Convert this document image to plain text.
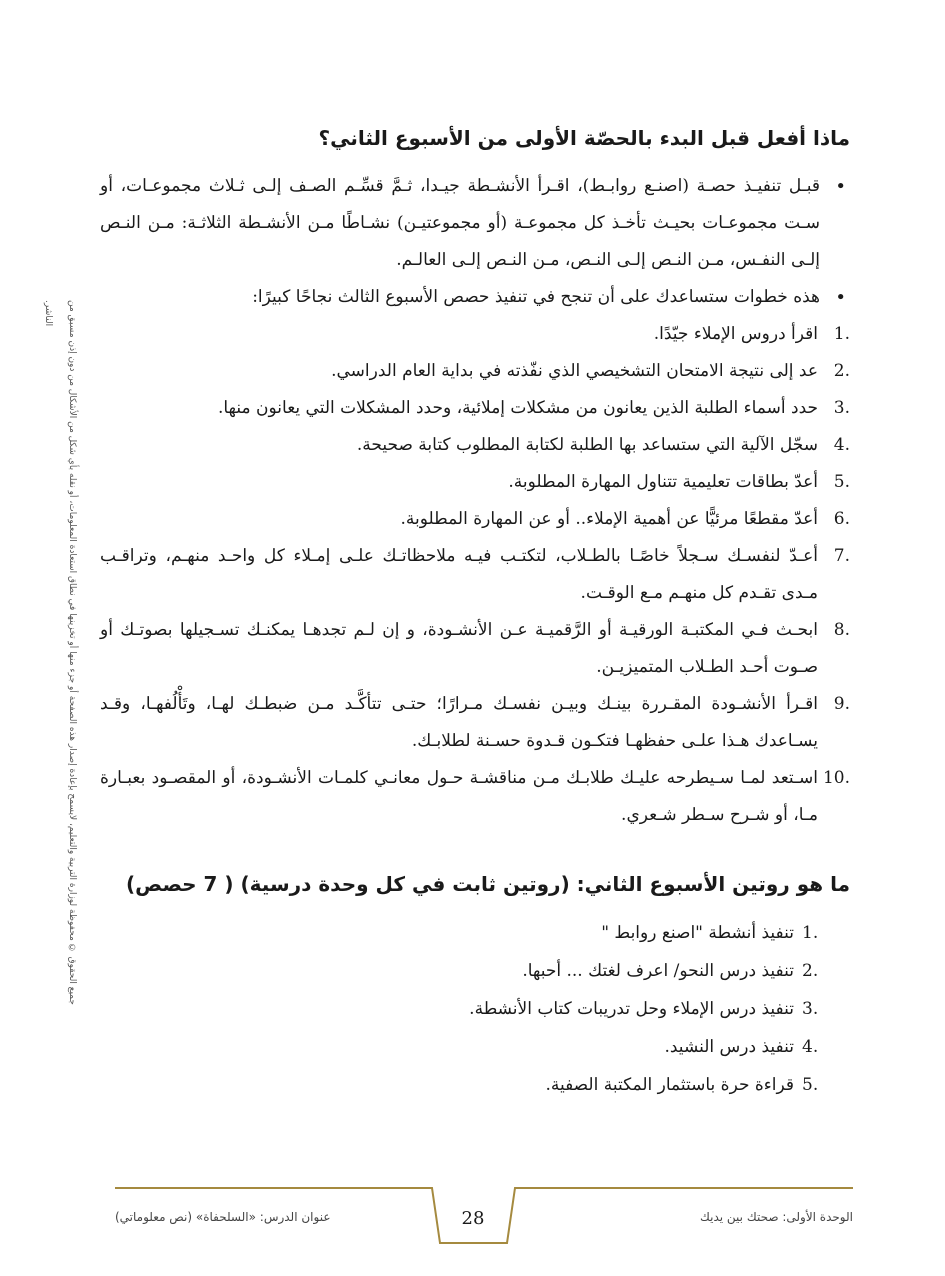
ماذا أفعل قبل البدء بالحصّة الأولى من الأسبوع الثاني؟
• قبـل تنفيـذ حصـة (اصنـع روابـط)، اقـرأ الأنشـطة جيـدا، ثـمَّ قسِّـم الصـف إلـى ثـلاث مجموعـات، أو سـت مجموعـات بحيـث تأخـذ كل مجموعـة (أو مجموعتيـن) نشـاطًا مـن الأنشـطة الثلاثـة: مـن النـص إلـى النفـس، مـن النـص إلـى النـص، مـن النـص إلـى العالـم.
• هذه خطوات ستساعدك على أن تنجح في تنفيذ حصص الأسبوع الثالث نجاحًا كبيرًا:
1.
اقرأ دروس الإملاء جيّدًا.
2.
عد إلى نتيجة الامتحان التشخيصي الذي نفّذته في بداية العام الدراسي.
3.
حدد أسماء الطلبة الذين يعانون من مشكلات إملائية، وحدد المشكلات التي يعانون منها.
4.
سجّل الآلية التي ستساعد بها الطلبة لكتابة المطلوب كتابة صحيحة.
5.
أعدّ بطاقات تعليمية تتناول المهارة المطلوبة.
6.
أعدّ مقطعًا مرئيًّا عن أهمية الإملاء.. أو عن المهارة المطلوبة.
7.
أعـدّ لنفسـك سـجلاً خاصًـا بالطـلاب، لتكتـب فيـه ملاحظاتـك علـى إمـلاء كل واحـد منهـم، وتراقـب مـدى تقـدم كل منهـم مـع الوقـت.
8.
ابحـث فـي المكتبـة الورقيـة أو الرَّقميـة عـن الأنشـودة، و إن لـم تجدهـا يمكنـك تسـجيلها بصوتـك أو صـوت أحـد الطـلاب المتميزيـن.
9.
اقـرأ الأنشـودة المقـررة بينـك وبيـن نفسـك مـرارًا؛ حتـى تتأكَّـد مـن ضبطـك لهـا، وتَأْلُفهـا، وقـد يسـاعدك هـذا علـى حفظهـا فتكـون قـدوة حسـنة لطلابـك.
10.
اسـتعد لمـا سـيطرحه عليـك طلابـك مـن مناقشـة حـول معانـي كلمـات الأنشـودة، أو المقصـود بعبـارة مـا، أو شـرح سـطر شـعري.
ما هو روتين الأسبوع الثاني: (روتين ثابت في كل وحدة درسية) ( 7 حصص)
1.
تنفيذ أنشطة "اصنع روابط "
2.
تنفيذ درس النحو/ اعرف لغتك ... أحبها.
3.
تنفيذ درس الإملاء وحل تدريبات كتاب الأنشطة.
4.
تنفيذ درس النشيد.
5.
قراءة حرة باستثمار المكتبة الصفية.
جميع الحقوق © محفوظة لوزارة التربية والتعليم، لايسمح بإعادة إصدار هذه الصفحة أو جزء منها أو تخزينها في نطاق استعادة المعلومات، أو نقله بأي شكل من الأشكال من دون إذن مسبق من الناشر.
عنوان الدرس: «السلحفاة» (نص معلوماتي)	28	الوحدة الأولى: صحتك بين يديك
